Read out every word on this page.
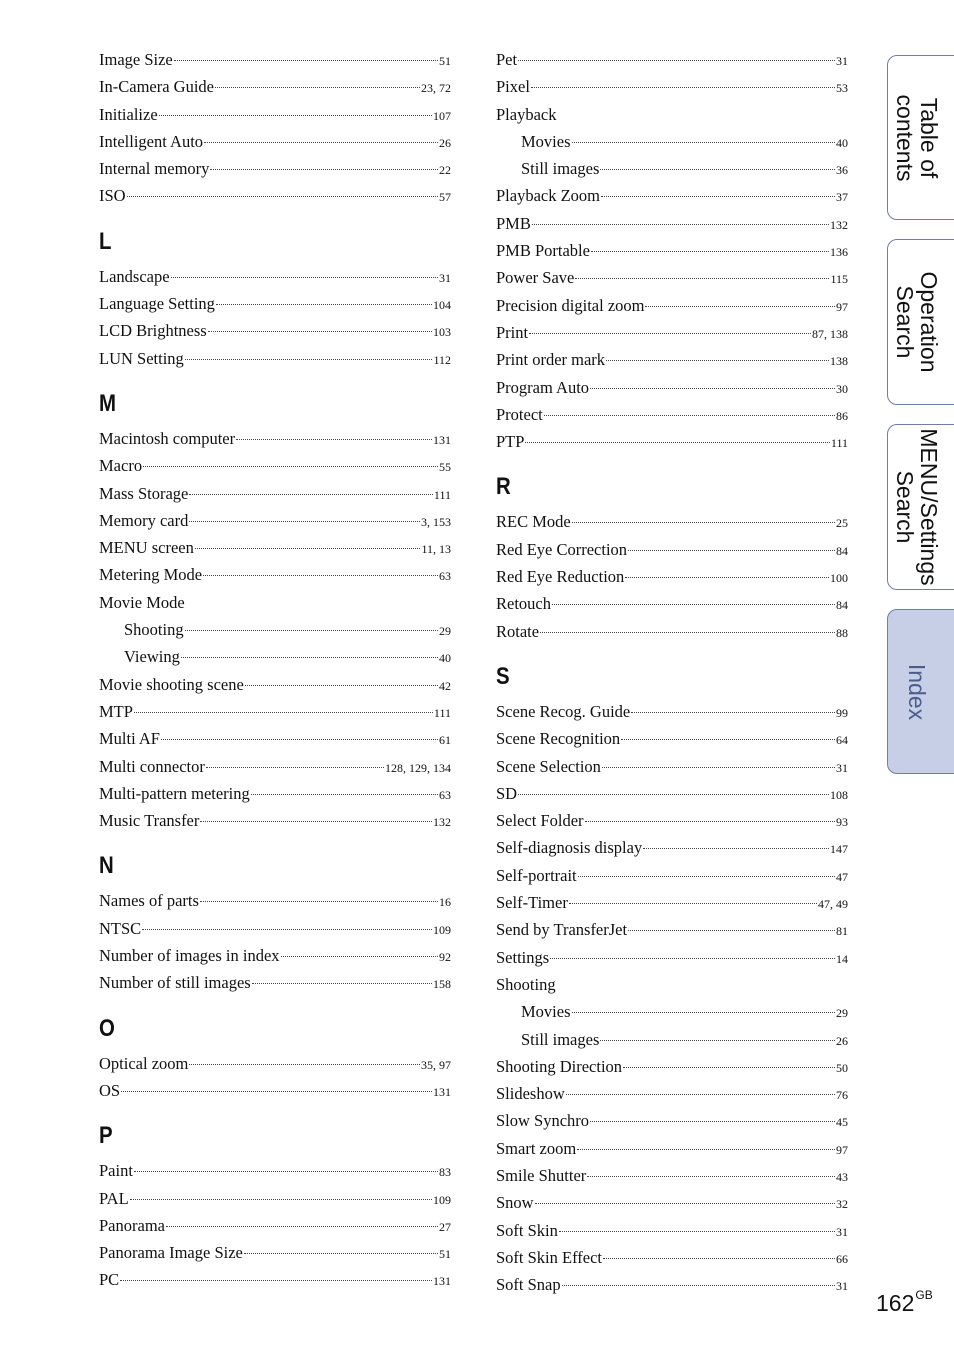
Image Size	51
In-Camera Guide	23, 72
Initialize	107
Intelligent Auto	26
Internal memory	22
ISO	57
L
Landscape	31
Language Setting	104
LCD Brightness	103
LUN Setting	112
M
Macintosh computer	131
Macro	55
Mass Storage	111
Memory card	3, 153
MENU screen	11, 13
Metering Mode	63
Movie Mode
Shooting	29
Viewing	40
Movie shooting scene	42
MTP	111
Multi AF	61
Multi connector	128, 129, 134
Multi-pattern metering	63
Music Transfer	132
N
Names of parts	16
NTSC	109
Number of images in index	92
Number of still images	158
O
Optical zoom	35, 97
OS	131
P
Paint	83
PAL	109
Panorama	27
Panorama Image Size	51
PC	131
Pet	31
Pixel	53
Playback
Movies	40
Still images	36
Playback Zoom	37
PMB	132
PMB Portable	136
Power Save	115
Precision digital zoom	97
Print	87, 138
Print order mark	138
Program Auto	30
Protect	86
PTP	111
R
REC Mode	25
Red Eye Correction	84
Red Eye Reduction	100
Retouch	84
Rotate	88
S
Scene Recog. Guide	99
Scene Recognition	64
Scene Selection	31
SD	108
Select Folder	93
Self-diagnosis display	147
Self-portrait	47
Self-Timer	47, 49
Send by TransferJet	81
Settings	14
Shooting
Movies	29
Still images	26
Shooting Direction	50
Slideshow	76
Slow Synchro	45
Smart zoom	97
Smile Shutter	43
Snow	32
Soft Skin	31
Soft Skin Effect	66
Soft Snap	31
Table of
contents
Operation
Search
MENU/Settings
Search
Index
$162^{GB}$
